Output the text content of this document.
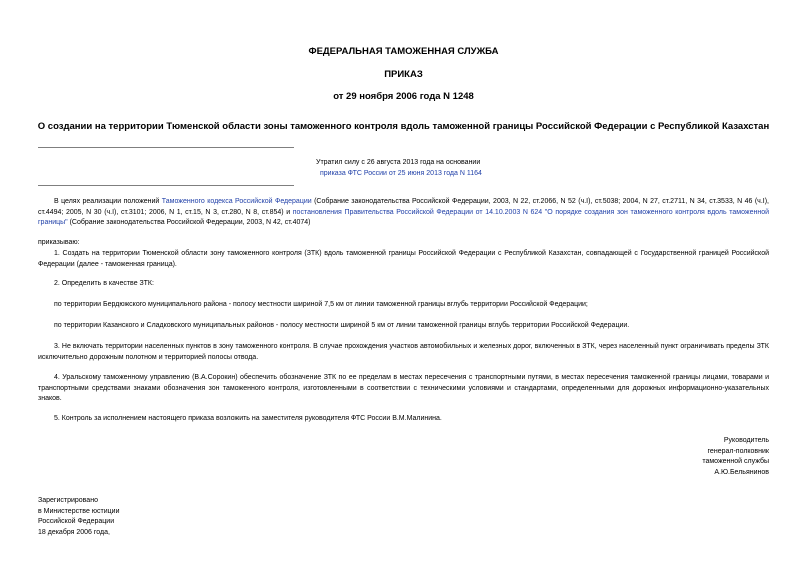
ФЕДЕРАЛЬНАЯ ТАМОЖЕННАЯ СЛУЖБА
ПРИКАЗ
от 29 ноября 2006 года N 1248
О создании на территории Тюменской области зоны таможенного контроля вдоль таможенной границы Российской Федерации с Республикой Казахстан
Утратил силу с 26 августа 2013 года на основании
приказа ФТС России от 25 июня 2013 года N 1164
В целях реализации положений Таможенного кодекса Российской Федерации (Собрание законодательства Российской Федерации, 2003, N 22, ст.2066, N 52 (ч.I), ст.5038; 2004, N 27, ст.2711, N 34, ст.3533, N 46 (ч.I), ст.4494; 2005, N 30 (ч.I), ст.3101; 2006, N 1, ст.15, N 3, ст.280, N 8, ст.854) и постановления Правительства Российской Федерации от 14.10.2003 N 624 "О порядке создания зон таможенного контроля вдоль таможенной границы" (Собрание законодательства Российской Федерации, 2003, N 42, ст.4074)
приказываю:
1. Создать на территории Тюменской области зону таможенного контроля (ЗТК) вдоль таможенной границы Российской Федерации с Республикой Казахстан, совпадающей с Государственной границей Российской Федерации (далее - таможенная граница).
2. Определить в качестве ЗТК:
по территории Бердюжского муниципального района - полосу местности шириной 7,5 км от линии таможенной границы вглубь территории Российской Федерации;
по территории Казанского и Сладковского муниципальных районов - полосу местности шириной 5 км от линии таможенной границы вглубь территории Российской Федерации.
3. Не включать территории населенных пунктов в зону таможенного контроля. В случае прохождения участков автомобильных и железных дорог, включенных в ЗТК, через населенный пункт ограничивать пределы ЗТК исключительно дорожным полотном и территорией полосы отвода.
4. Уральскому таможенному управлению (В.А.Сорокин) обеспечить обозначение ЗТК по ее пределам в местах пересечения с транспортными путями, в местах пересечения таможенной границы лицами, товарами и транспортными средствами знаками обозначения зон таможенного контроля, изготовленными в соответствии с техническими условиями и стандартами, определенными для дорожных информационно-указательных знаков.
5. Контроль за исполнением настоящего приказа возложить на заместителя руководителя ФТС России В.М.Малинина.
Руководитель
генерал-полковник
таможенной службы
А.Ю.Бельянинов
Зарегистрировано
в Министерстве юстиции
Российской Федерации
18 декабря 2006 года,
